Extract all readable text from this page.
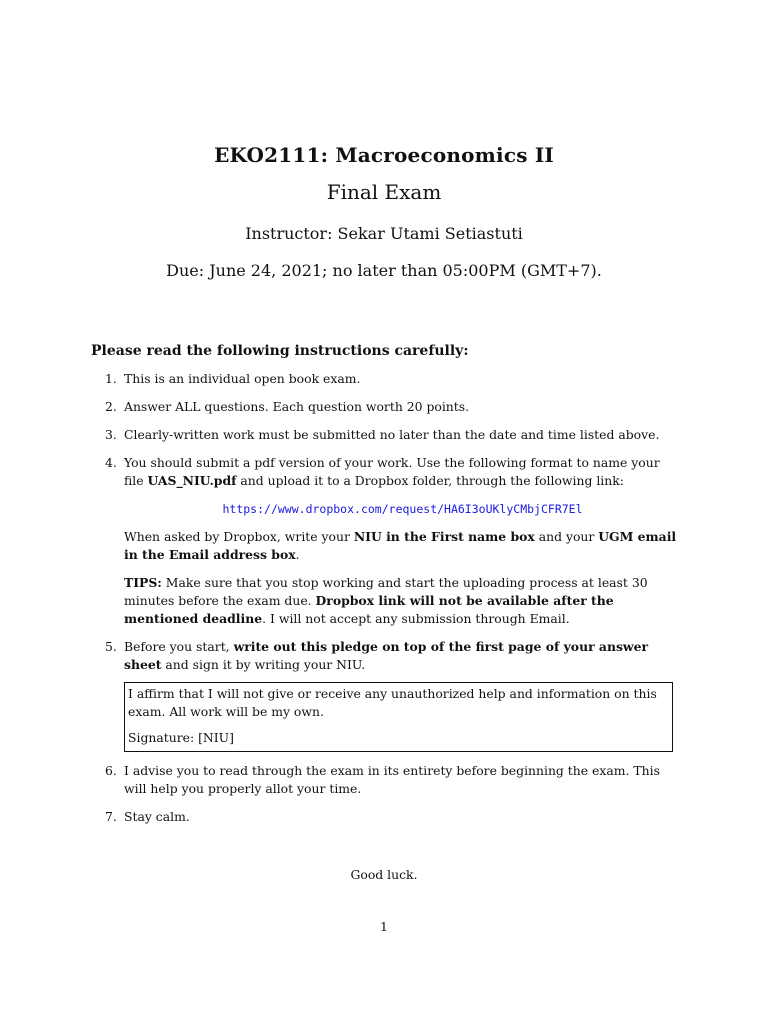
EKO2111: Macroeconomics II
Final Exam
Instructor: Sekar Utami Setiastuti
Due: June 24, 2021; no later than 05:00PM (GMT+7).
Please read the following instructions carefully:
1. This is an individual open book exam.

2. Answer ALL questions. Each question worth 20 points.

3. Clearly-written work must be submitted no later than the date and time listed above.

4. You should submit a pdf version of your work. Use the following format to name your file UAS_NIU.pdf and upload it to a Dropbox folder, through the following link:

https://www.dropbox.com/request/HA6I3oUKlyCMbjCFR7El

When asked by Dropbox, write your NIU in the First name box and your UGM email in the Email address box.

TIPS: Make sure that you stop working and start the uploading process at least 30 minutes before the exam due. Dropbox link will not be available after the mentioned deadline. I will not accept any submission through Email.

5. Before you start, write out this pledge on top of the first page of your answer sheet and sign it by writing your NIU.

I affirm that I will not give or receive any unauthorized help and information on this exam. All work will be my own.
Signature: [NIU]
6. I advise you to read through the exam in its entirety before beginning the exam. This will help you properly allot your time.

7. Stay calm.

Good luck.
1
